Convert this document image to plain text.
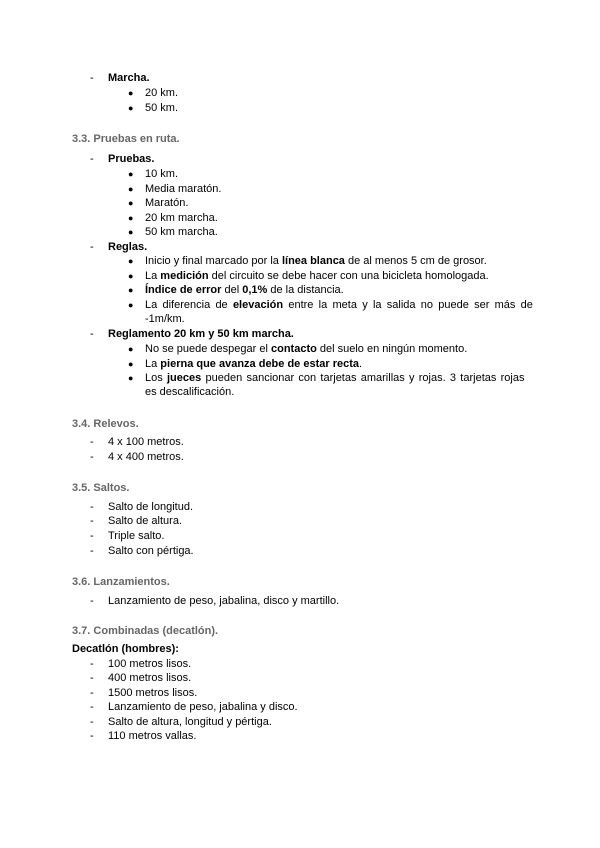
- Marcha.
● 20 km.
● 50 km.
3.3. Pruebas en ruta.
- Pruebas.
● 10 km.
● Media maratón.
● Maratón.
● 20 km marcha.
● 50 km marcha.
- Reglas.
● Inicio y final marcado por la línea blanca de al menos 5 cm de grosor.
● La medición del circuito se debe hacer con una bicicleta homologada.
● Índice de error del 0,1% de la distancia.
● La diferencia de elevación entre la meta y la salida no puede ser más de
-1m/km.
- Reglamento 20 km y 50 km marcha.
● No se puede despegar el contacto del suelo en ningún momento.
● La pierna que avanza debe de estar recta.
● Los jueces pueden sancionar con tarjetas amarillas y rojas. 3 tarjetas rojas
es descalificación.
3.4. Relevos.
- 4 x 100 metros.
- 4 x 400 metros.
3.5. Saltos.
- Salto de longitud.
- Salto de altura.
- Triple salto.
- Salto con pértiga.
3.6. Lanzamientos.
- Lanzamiento de peso, jabalina, disco y martillo.
3.7. Combinadas (decatlón).
Decatlón (hombres):
- 100 metros lisos.
- 400 metros lisos.
- 1500 metros lisos.
- Lanzamiento de peso, jabalina y disco.
- Salto de altura, longitud y pértiga.
- 110 metros vallas.
